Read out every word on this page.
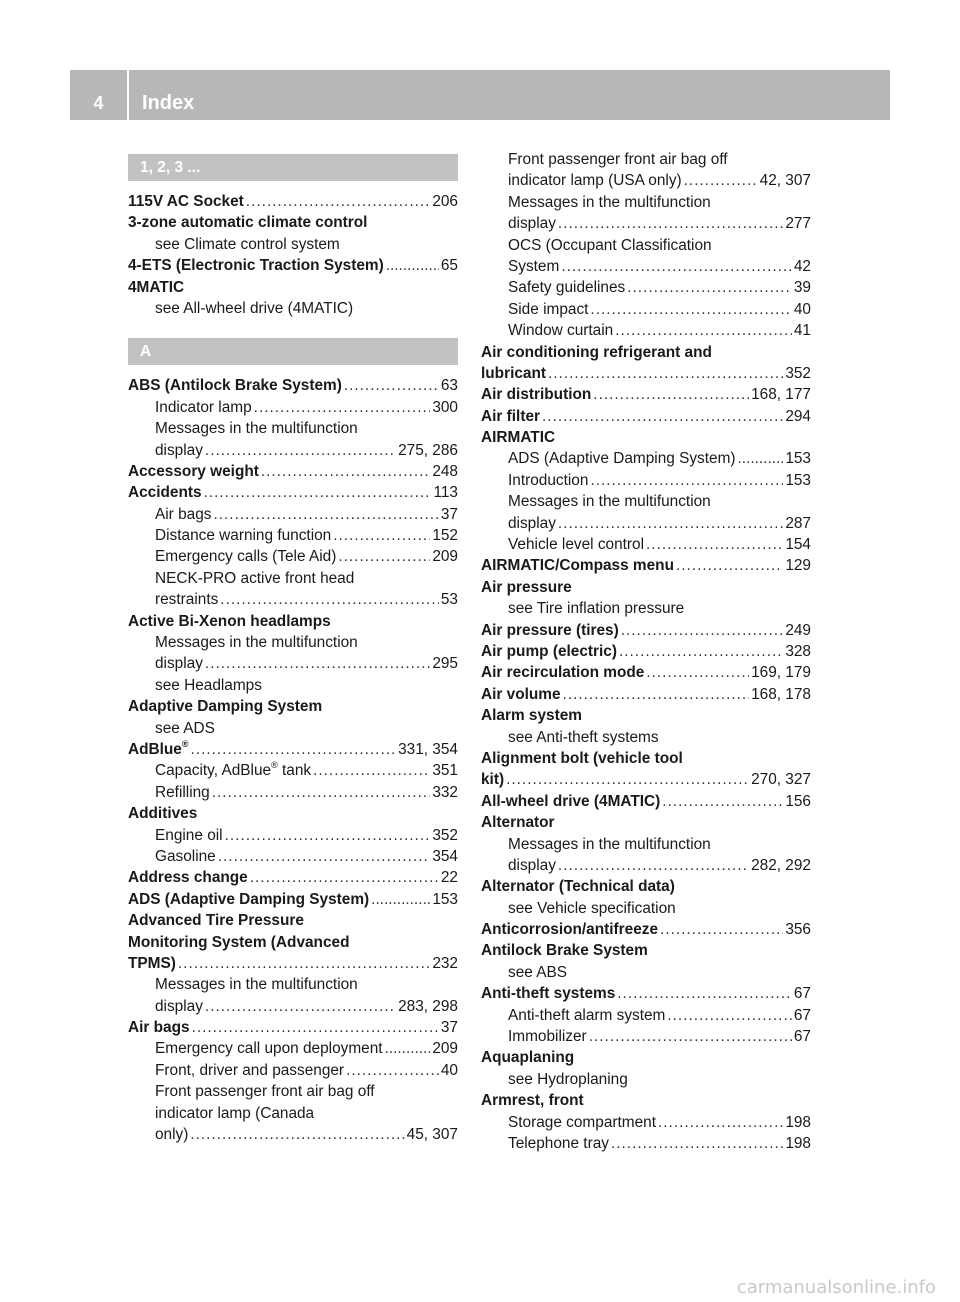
4	Index
1, 2, 3 ...
115V AC Socket .....	206
3-zone automatic climate control
see Climate control system
4-ETS (Electronic Traction System) .....	65
4MATIC
see All-wheel drive (4MATIC)
A
ABS (Antilock Brake System) .....	63
Indicator lamp .....	300
Messages in the multifunction
display .....	275, 286
Accessory weight .....	248
Accidents .....	113
Air bags .....	37
Distance warning function .....	152
Emergency calls (Tele Aid) .....	209
NECK-PRO active front head
restraints .....	53
Active Bi-Xenon headlamps
Messages in the multifunction
display .....	295
see Headlamps
Adaptive Damping System
see ADS
AdBlue® .....	331, 354
Capacity, AdBlue® tank .....	351
Refilling .....	332
Additives
Engine oil .....	352
Gasoline .....	354
Address change .....	22
ADS (Adaptive Damping System) .....	153
Advanced Tire Pressure
Monitoring System (Advanced
TPMS) .....	232
Messages in the multifunction
display .....	283, 298
Air bags .....	37
Emergency call upon deployment .....	209
Front, driver and passenger .....	40
Front passenger front air bag off
indicator lamp (Canada
only) .....	45, 307
Front passenger front air bag off
indicator lamp (USA only) .....	42, 307
Messages in the multifunction
display .....	277
OCS (Occupant Classification
System .....	42
Safety guidelines .....	39
Side impact .....	40
Window curtain .....	41
Air conditioning refrigerant and
lubricant .....	352
Air distribution .....	168, 177
Air filter .....	294
AIRMATIC
ADS (Adaptive Damping System) .....	153
Introduction .....	153
Messages in the multifunction
display .....	287
Vehicle level control .....	154
AIRMATIC/Compass menu .....	129
Air pressure
see Tire inflation pressure
Air pressure (tires) .....	249
Air pump (electric) .....	328
Air recirculation mode .....	169, 179
Air volume .....	168, 178
Alarm system
see Anti-theft systems
Alignment bolt (vehicle tool
kit) .....	270, 327
All-wheel drive (4MATIC) .....	156
Alternator
Messages in the multifunction
display .....	282, 292
Alternator (Technical data)
see Vehicle specification
Anticorrosion/antifreeze .....	356
Antilock Brake System
see ABS
Anti-theft systems .....	67
Anti-theft alarm system .....	67
Immobilizer .....	67
Aquaplaning
see Hydroplaning
Armrest, front
Storage compartment .....	198
Telephone tray .....	198
carmanualsonline.info
